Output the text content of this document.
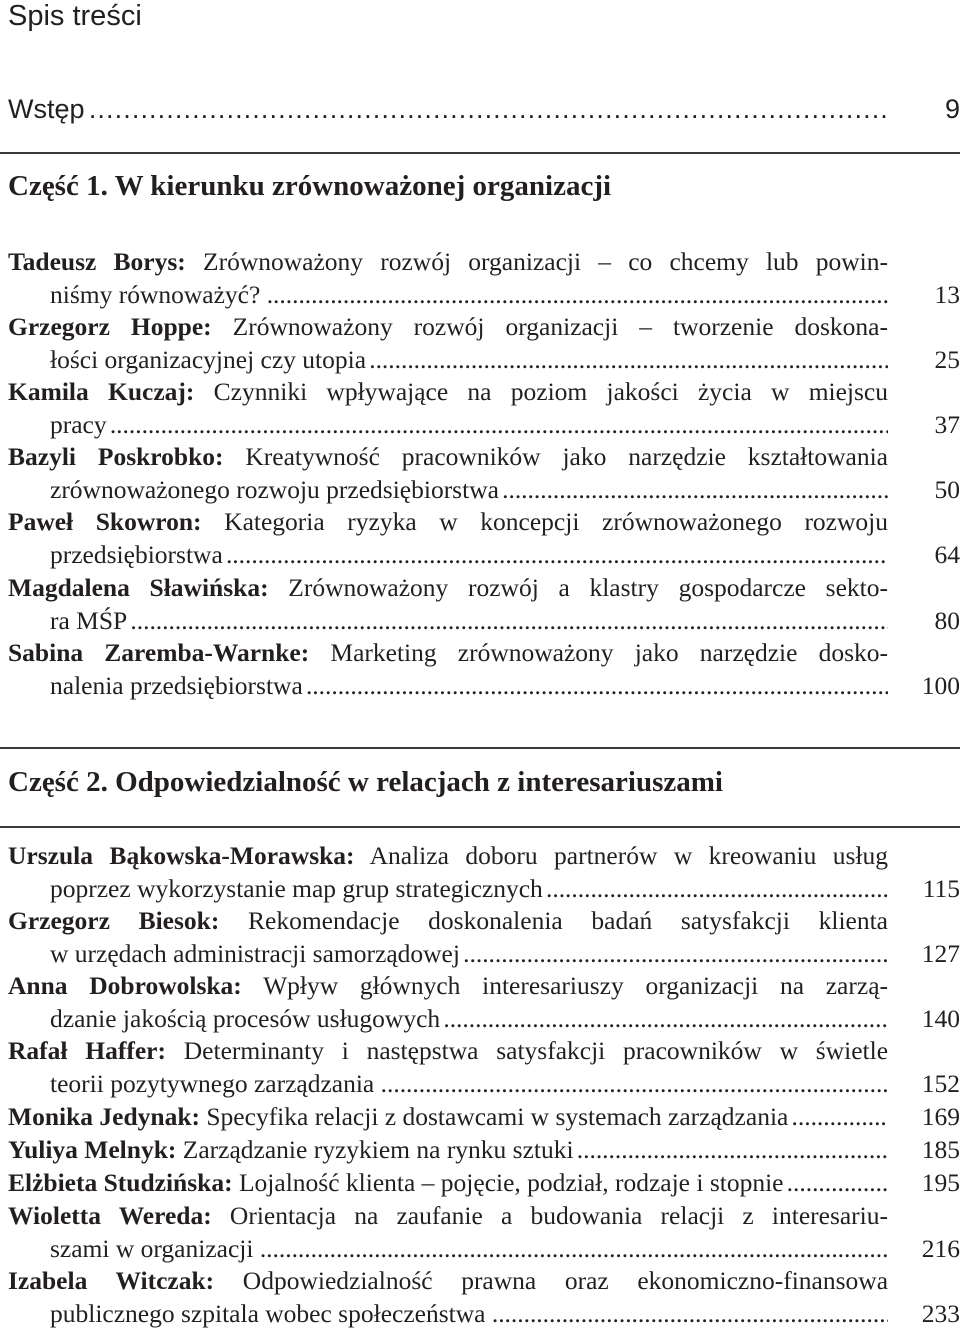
Spis treści
Wstęp . . .	9
Część 1. W kierunku zrównoważonej organizacji
Tadeusz Borys: Zrównoważony rozwój organizacji – co chcemy lub powin-
niśmy równoważyć? . . .	13
Grzegorz Hoppe: Zrównoważony rozwój organizacji – tworzenie doskona-
łości organizacyjnej czy utopia . . .	25
Kamila Kuczaj: Czynniki wpływające na poziom jakości życia w miejscu
pracy . . .	37
Bazyli Poskrobko: Kreatywność pracowników jako narzędzie kształtowania
zrównoważonego rozwoju przedsiębiorstwa . . .	50
Paweł Skowron: Kategoria ryzyka w koncepcji zrównoważonego rozwoju
przedsiębiorstwa . . .	64
Magdalena Sławińska: Zrównoważony rozwój a klastry gospodarcze sekto-
ra MŚP . . .	80
Sabina Zaremba-Warnke: Marketing zrównoważony jako narzędzie dosko-
nalenia przedsiębiorstwa . . .	100
Część 2. Odpowiedzialność w relacjach z interesariuszami
Urszula Bąkowska-Morawska: Analiza doboru partnerów w kreowaniu usług
poprzez wykorzystanie map grup strategicznych . . .	115
Grzegorz Biesok: Rekomendacje doskonalenia badań satysfakcji klienta
w urzędach administracji samorządowej . . .	127
Anna Dobrowolska: Wpływ głównych interesariuszy organizacji na zarzą-
dzanie jakością procesów usługowych . . .	140
Rafał Haffer: Determinanty i następstwa satysfakcji pracowników w świetle
teorii pozytywnego zarządzania . . .	152
Monika Jedynak: Specyfika relacji z dostawcami w systemach zarządzania . . .	169
Yuliya Melnyk: Zarządzanie ryzykiem na rynku sztuki . . .	185
Elżbieta Studzińska: Lojalność klienta – pojęcie, podział, rodzaje i stopnie . . .	195
Wioletta Wereda: Orientacja na zaufanie a budowania relacji z interesariu-
szami w organizacji . . .	216
Izabela Witczak: Odpowiedzialność prawna oraz ekonomiczno-finansowa
publicznego szpitala wobec społeczeństwa . . .	233
